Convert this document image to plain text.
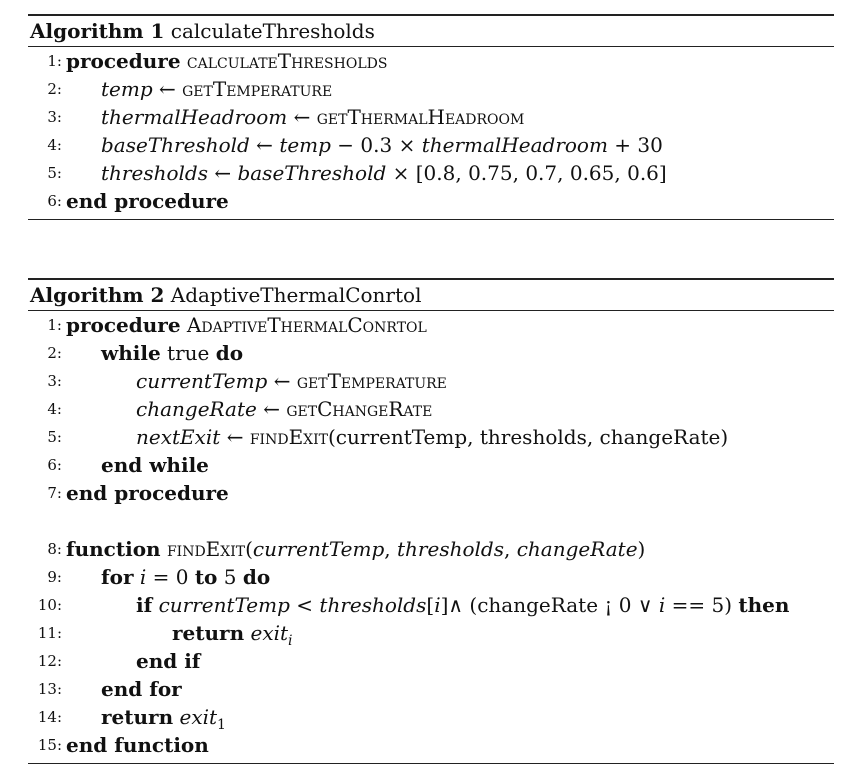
Algorithm 1 calculateThresholds
1: procedure calculateThresholds
2: temp ← getTemperature
3: thermalHeadroom ← getThermalHeadroom
4: baseThreshold ← temp − 0.3 × thermalHeadroom + 30
5: thresholds ← baseThreshold × [0.8, 0.75, 0.7, 0.65, 0.6]
6: end procedure
Algorithm 2 AdaptiveThermalConrtol
1: procedure AdaptiveThermalConrtol
2: while true do
3:	currentTemp ← getTemperature
4:	changeRate ← getChangeRate
5:	nextExit ← findExit(currentTemp, thresholds, changeRate)
6: end while
7: end procedure
8: function findExit(currentTemp, thresholds, changeRate)
9: for i = 0 to 5 do
10:	if currentTemp < thresholds[i]∧ (changeRate ¡ 0 ∨ i == 5) then
11:	return exit$_i$
12:	end if
13: end for
14: return exit$_1$
15: end function
